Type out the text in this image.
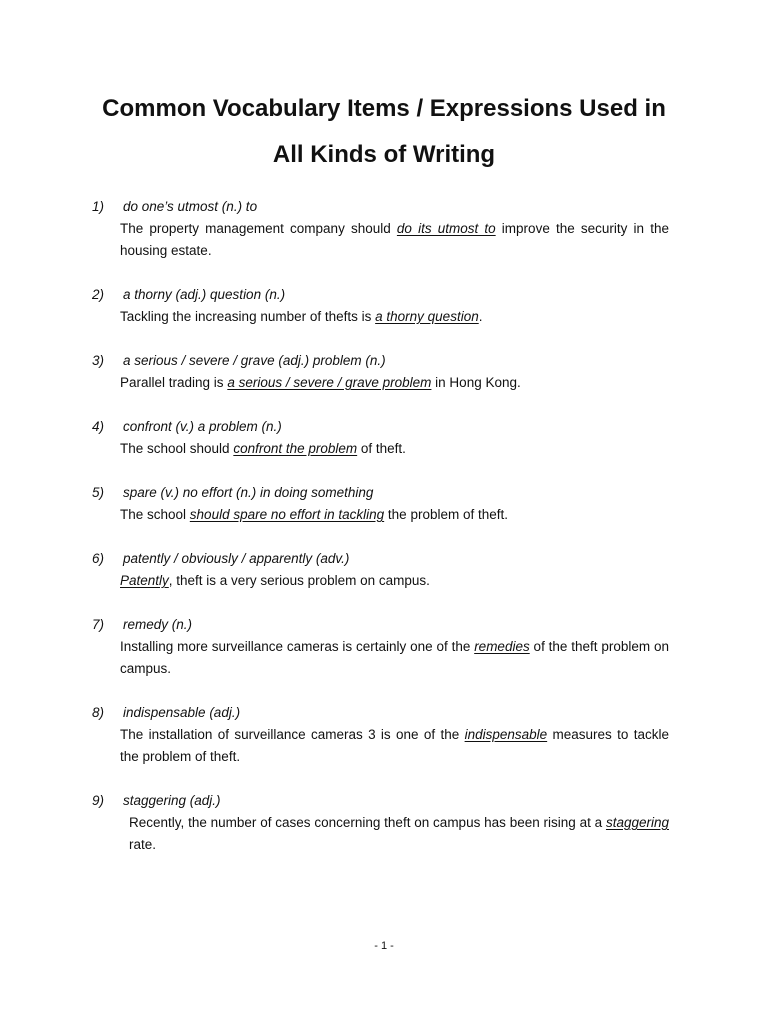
Common Vocabulary Items / Expressions Used in
All Kinds of Writing
1) do one’s utmost (n.) to
The property management company should do its utmost to improve the security in the housing estate.
2) a thorny (adj.) question (n.)
Tackling the increasing number of thefts is a thorny question.
3) a serious / severe / grave (adj.) problem (n.)
Parallel trading is a serious / severe / grave problem in Hong Kong.
4) confront (v.) a problem (n.)
The school should confront the problem of theft.
5) spare (v.) no effort (n.) in doing something
The school should spare no effort in tackling the problem of theft.
6) patently / obviously / apparently (adv.)
Patently, theft is a very serious problem on campus.
7) remedy (n.)
Installing more surveillance cameras is certainly one of the remedies of the theft problem on campus.
8) indispensable (adj.)
The installation of surveillance cameras 3 is one of the indispensable measures to tackle the problem of theft.
9) staggering (adj.)
Recently, the number of cases concerning theft on campus has been rising at a staggering rate.
- 1 -
